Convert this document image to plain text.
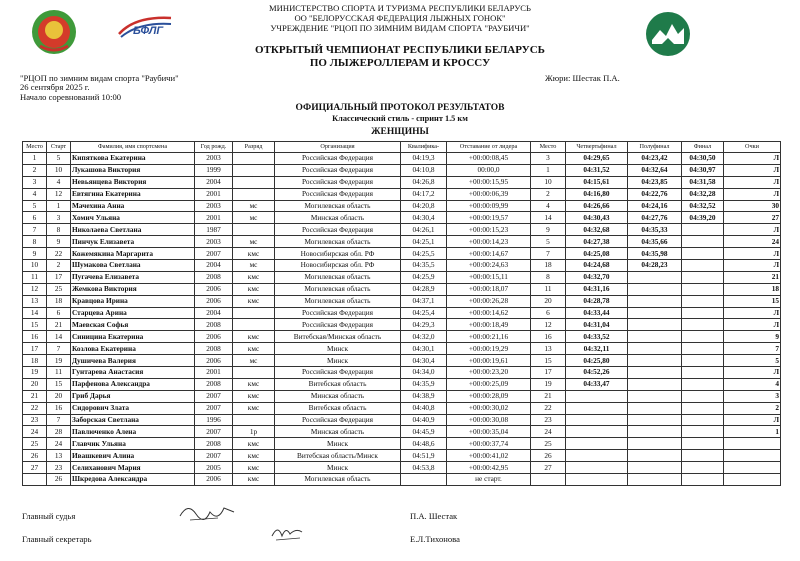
БФЛГ
МИНИСТЕРСТВО СПОРТА И ТУРИЗМА РЕСПУБЛИКИ БЕЛАРУСЬ
ОО "БЕЛОРУССКАЯ ФЕДЕРАЦИЯ ЛЫЖНЫХ ГОНОК"
УЧРЕЖДЕНИЕ "РЦОП ПО ЗИМНИМ ВИДАМ СПОРТА "РАУБИЧИ"
ОТКРЫТЫЙ ЧЕМПИОНАТ РЕСПУБЛИКИ БЕЛАРУСЬ
ПО ЛЫЖЕРОЛЛЕРАМ И КРОССУ
"РЦОП по зимним видам спорта "Раубичи"
26 сентября 2025 г.
Начало соревнований 10:00
Жюри: Шестак П.А.
ОФИЦИАЛЬНЫЙ ПРОТОКОЛ РЕЗУЛЬТАТОВ
Классический стиль - спринт 1.5 км
ЖЕНЩИНЫ
Место	Старт	Фамилия, имя спортсмена	Год рожд.	Разряд	Организация	Квалифика-	Отставание от лидера	Место	Четвертьфинал	Полуфинал	Финал	Очки
1	5	Кипяткова Екатерина	2003		Российская Федерация	04:19,3	+00:00:08,45	3	04:29,65	04:23,42	04:30,50	Л
2	10	Лукашова Виктория	1999		Российская Федерация	04:10,8	00:00,0	1	04:31,52	04:32,64	04:30,97	Л
3	4	Невьянцева Виктория	2004		Российская Федерация	04:26,8	+00:00:15,95	10	04:15,61	04:23,85	04:31,58	Л
4	12	Евтягина Екатерина	2001		Российская Федерация	04:17,2	+00:00:06,39	2	04:16,80	04:22,76	04:32,28	Л
5	1	Мачехина Анна	2003	мс	Могилевская область	04:20,8	+00:00:09,99	4	04:26,66	04:24,16	04:32,52	30
6	3	Хомич Ульяна	2001	мс	Минская область	04:30,4	+00:00:19,57	14	04:30,43	04:27,76	04:39,20	27
7	8	Николаева Светлана	1987		Российская Федерация	04:26,1	+00:00:15,23	9	04:32,68	04:35,33		Л
8	9	Пинчук Елизавета	2003	мс	Могилевская область	04:25,1	+00:00:14,23	5	04:27,38	04:35,66		24
9	22	Кожемякина Маргарита	2007	кмс	Новосибирская обл. РФ	04:25,5	+00:00:14,67	7	04:25,08	04:35,98		Л
10	2	Шумакова Светлана	2004	мс	Новосибирская обл. РФ	04:35,5	+00:00:24,63	18	04:24,68	04:28,23		Л
11	17	Пугачева Елизавета	2008	кмс	Могилевская область	04:25,9	+00:00:15,11	8	04:32,70			21
12	25	Жемкова Виктория	2006	кмс	Могилевская область	04:28,9	+00:00:18,07	11	04:31,16			18
13	18	Кравцова Ирина	2006	кмс	Могилевская область	04:37,1	+00:00:26,28	20	04:28,78			15
14	6	Старцева Арина	2004		Российская Федерация	04:25,4	+00:00:14,62	6	04:33,44			Л
15	21	Маевская Софья	2008		Российская Федерация	04:29,3	+00:00:18,49	12	04:31,04			Л
16	14	Синицина Екатерина	2006	кмс	Витебская/Минская область	04:32,0	+00:00:21,16	16	04:33,52			9
17	7	Козлова Екатерина	2008	кмс	Минск	04:30,1	+00:00:19,29	13	04:32,11			7
18	19	Душичева Валерия	2006	мс	Минск	04:30,4	+00:00:19,61	15	04:25,80			5
19	11	Гунтарева Анастасия	2001		Российская Федерация	04:34,0	+00:00:23,20	17	04:52,26			Л
20	15	Парфенова Александра	2008	кмс	Витебская область	04:35,9	+00:00:25,09	19	04:33,47			4
21	20	Гриб Дарья	2007	кмс	Минская область	04:38,9	+00:00:28,09	21				3
22	16	Сидорович Злата	2007	кмс	Витебская область	04:40,8	+00:00:30,02	22				2
23	7	Заборская Светлана	1996		Российская Федерация	04:40,9	+00:00:30,08	23				Л
24	28	Павлюченко Алена	2007	1р	Минская область	04:45,9	+00:00:35,04	24				1
25	24	Главчик Ульяна	2008	кмс	Минск	04:48,6	+00:00:37,74	25				
26	13	Ивашкевич Алина	2007	кмс	Витебская область/Минск	04:51,9	+00:00:41,02	26				
27	23	Селиханович Мария	2005	кмс	Минск	04:53,8	+00:00:42,95	27				
	26	Шкредова Александра	2006	кмс	Могилевская область		не старт.					
Главный судья	П.А. Шестак
Главный секретарь	Е.Л.Тихонова
